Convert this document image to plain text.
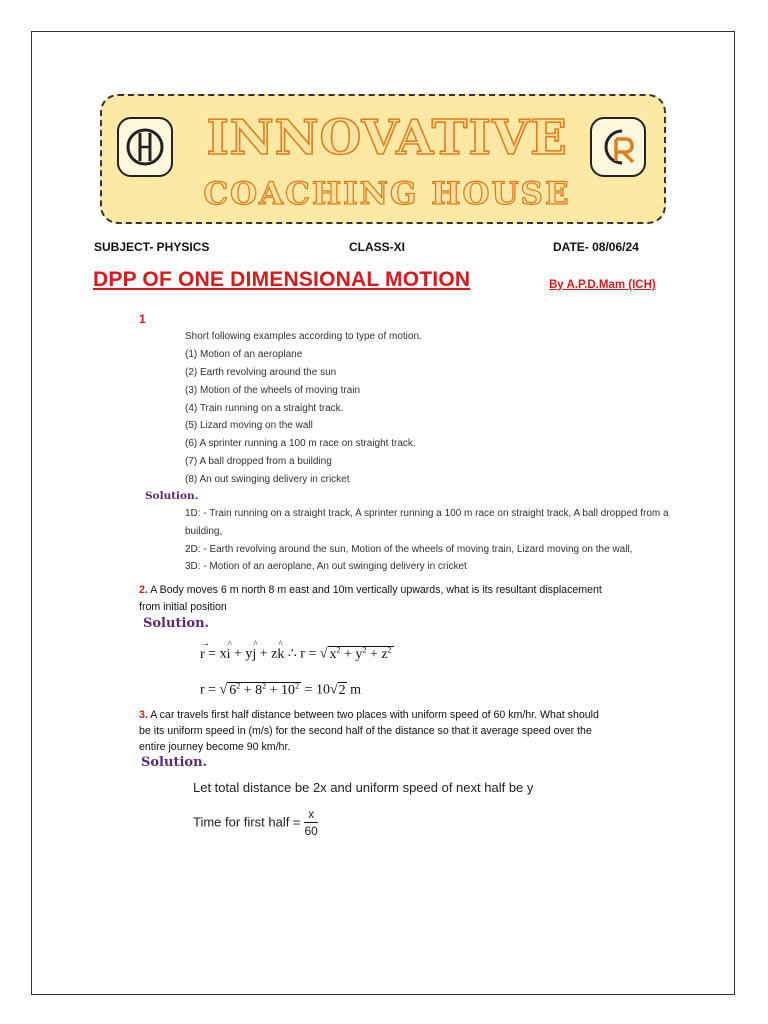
INNOVATIVE
COACHING HOUSE
SUBJECT- PHYSICS	CLASS-XI	DATE- 08/06/24
DPP OF ONE DIMENSIONAL MOTION	By A.P.D.Mam (ICH)
1
Short following examples according to type of motion.
(1) Motion of an aeroplane
(2) Earth revolving around the sun
(3) Motion of the wheels of moving train
(4) Train running on a straight track.
(5) Lizard moving on the wall
(6) A sprinter running a 100 m race on straight track.
(7) A ball dropped from a building
(8) An out swinging delivery in cricket
Solution.
1D: - Train running on a straight track, A sprinter running a 100 m race on straight track, A ball dropped from a
building,
2D: - Earth revolving around the sun, Motion of the wheels of moving train, Lizard moving on the wall,
3D: - Motion of an aeroplane, An out swinging delivery in cricket
2. A Body moves 6 m north 8 m east and 10m vertically upwards, what is its resultant displacement
from initial position
Solution.
r
→
= x^ i + y^ j + z^ k ∴ r = √ $x^2 + y^2 + z^2$
r = √ $6^2 + 8^2 + 10^2 = 10√2$ m
3. A car travels first half distance between two places with uniform speed of 60 km/hr. What should
be its uniform speed in (m/s) for the second half of the distance so that it average speed over the
entire journey become 90 km/hr.
Solution.
Let total distance be 2x and uniform speed of next half be y
Time for first half = $\frac{x}{60}$
